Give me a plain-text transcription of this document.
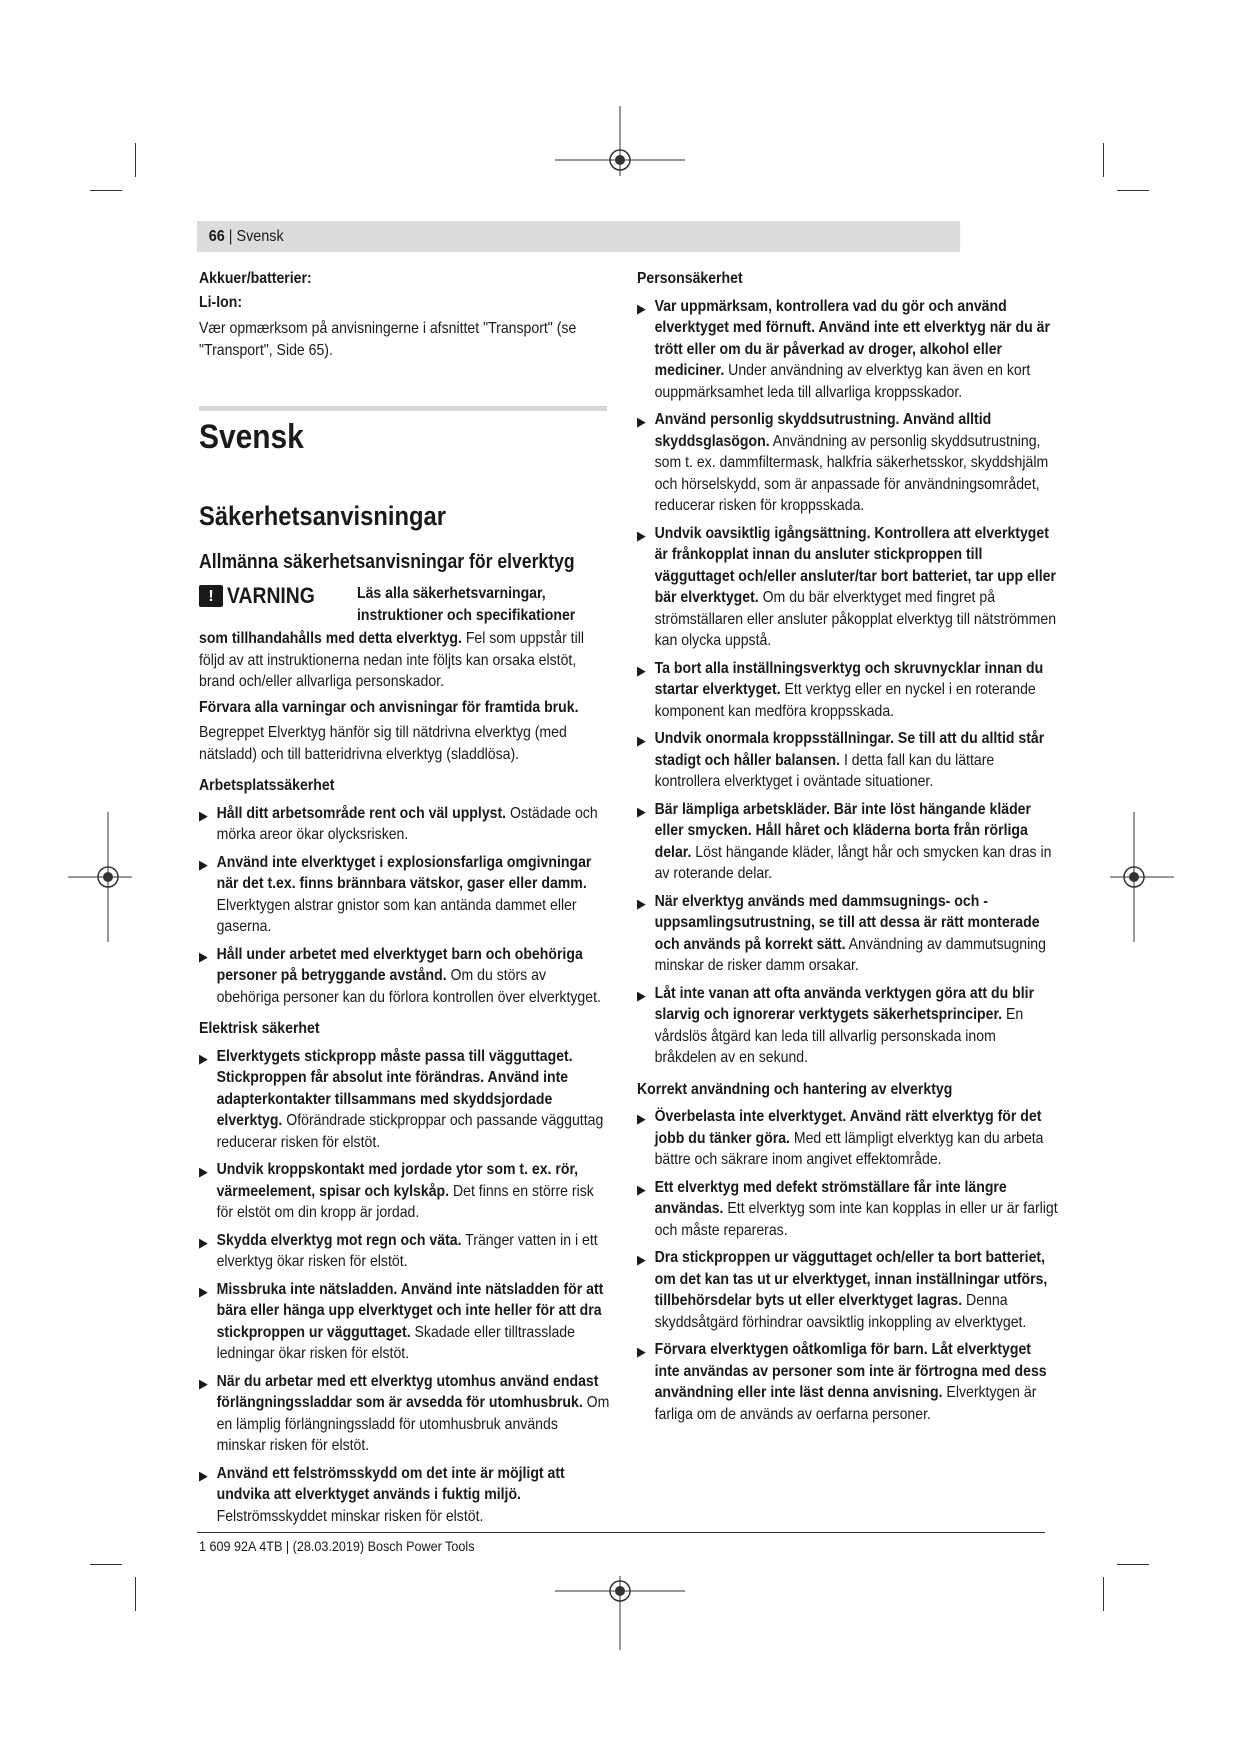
66 | Svensk

Akkuer/batterier:

Li-Ion:

Vær opmærksom på anvisningerne i afsnittet "Transport" (se "Transport", Side 65).

Svensk
Säkerhetsanvisningar
Allmänna säkerhetsanvisningar för elverktyg
! VARNING	Läs alla säkerhetsvarningar, instruktioner och specifikationer

som tillhandahålls med detta elverktyg. Fel som uppstår till följd av att instruktionerna nedan inte följts kan orsaka elstöt, brand och/eller allvarliga personskador.

Förvara alla varningar och anvisningar för framtida bruk.

Begreppet Elverktyg hänför sig till nätdrivna elverktyg (med nätsladd) och till batteridrivna elverktyg (sladdlösa).

Arbetsplatssäkerhet

▶ Håll ditt arbetsområde rent och väl upplyst. Ostädade och mörka areor ökar olycksrisken.
▶ Använd inte elverktyget i explosionsfarliga omgivningar när det t.ex. finns brännbara vätskor, gaser eller damm. Elverktygen alstrar gnistor som kan antända dammet eller gaserna.
▶ Håll under arbetet med elverktyget barn och obehöriga personer på betryggande avstånd. Om du störs av obehöriga personer kan du förlora kontrollen över elverktyget.

Elektrisk säkerhet

▶ Elverktygets stickpropp måste passa till vägguttaget. Stickproppen får absolut inte förändras. Använd inte adapterkontakter tillsammans med skyddsjordade elverktyg. Oförändrade stickproppar och passande vägguttag reducerar risken för elstöt.
▶ Undvik kroppskontakt med jordade ytor som t. ex. rör, värmeelement, spisar och kylskåp. Det finns en större risk för elstöt om din kropp är jordad.
▶ Skydda elverktyg mot regn och väta. Tränger vatten in i ett elverktyg ökar risken för elstöt.
▶ Missbruka inte nätsladden. Använd inte nätsladden för att bära eller hänga upp elverktyget och inte heller för att dra stickproppen ur vägguttaget. Skadade eller tilltrasslade ledningar ökar risken för elstöt.
▶ När du arbetar med ett elverktyg utomhus använd endast förlängningssladdar som är avsedda för utomhusbruk. Om en lämplig förlängningssladd för utomhusbruk används minskar risken för elstöt.
▶ Använd ett felströmsskydd om det inte är möjligt att undvika att elverktyget används i fuktig miljö. Felströmsskyddet minskar risken för elstöt.

Personsäkerhet

▶ Var uppmärksam, kontrollera vad du gör och använd elverktyget med förnuft. Använd inte ett elverktyg när du är trött eller om du är påverkad av droger, alkohol eller mediciner. Under användning av elverktyg kan även en kort ouppmärksamhet leda till allvarliga kroppsskador.
▶ Använd personlig skyddsutrustning. Använd alltid skyddsglasögon. Användning av personlig skyddsutrustning, som t. ex. dammfiltermask, halkfria säkerhetsskor, skyddshjälm och hörselskydd, som är anpassade för användningsområdet, reducerar risken för kroppsskada.
▶ Undvik oavsiktlig igångsättning. Kontrollera att elverktyget är frånkopplat innan du ansluter stickproppen till vägguttaget och/eller ansluter/tar bort batteriet, tar upp eller bär elverktyget. Om du bär elverktyget med fingret på strömställaren eller ansluter påkopplat elverktyg till nätströmmen kan olycka uppstå.
▶ Ta bort alla inställningsverktyg och skruvnycklar innan du startar elverktyget. Ett verktyg eller en nyckel i en roterande komponent kan medföra kroppsskada.
▶ Undvik onormala kroppsställningar. Se till att du alltid står stadigt och håller balansen. I detta fall kan du lättare kontrollera elverktyget i oväntade situationer.
▶ Bär lämpliga arbetskläder. Bär inte löst hängande kläder eller smycken. Håll håret och kläderna borta från rörliga delar. Löst hängande kläder, långt hår och smycken kan dras in av roterande delar.
▶ När elverktyg används med dammsugnings- och -uppsamlingsutrustning, se till att dessa är rätt monterade och används på korrekt sätt. Användning av dammutsugning minskar de risker damm orsakar.
▶ Låt inte vanan att ofta använda verktygen göra att du blir slarvig och ignorerar verktygets säkerhetsprinciper. En vårdslös åtgärd kan leda till allvarlig personskada inom bråkdelen av en sekund.

Korrekt användning och hantering av elverktyg

▶ Överbelasta inte elverktyget. Använd rätt elverktyg för det jobb du tänker göra. Med ett lämpligt elverktyg kan du arbeta bättre och säkrare inom angivet effektområde.
▶ Ett elverktyg med defekt strömställare får inte längre användas. Ett elverktyg som inte kan kopplas in eller ur är farligt och måste repareras.
▶ Dra stickproppen ur vägguttaget och/eller ta bort batteriet, om det kan tas ut ur elverktyget, innan inställningar utförs, tillbehörsdelar byts ut eller elverktyget lagras. Denna skyddsåtgärd förhindrar oavsiktlig inkoppling av elverktyget.
▶ Förvara elverktygen oåtkomliga för barn. Låt elverktyget inte användas av personer som inte är förtrogna med dess användning eller inte läst denna anvisning. Elverktygen är farliga om de används av oerfarna personer.
1 609 92A 4TB | (28.03.2019) Bosch Power Tools
